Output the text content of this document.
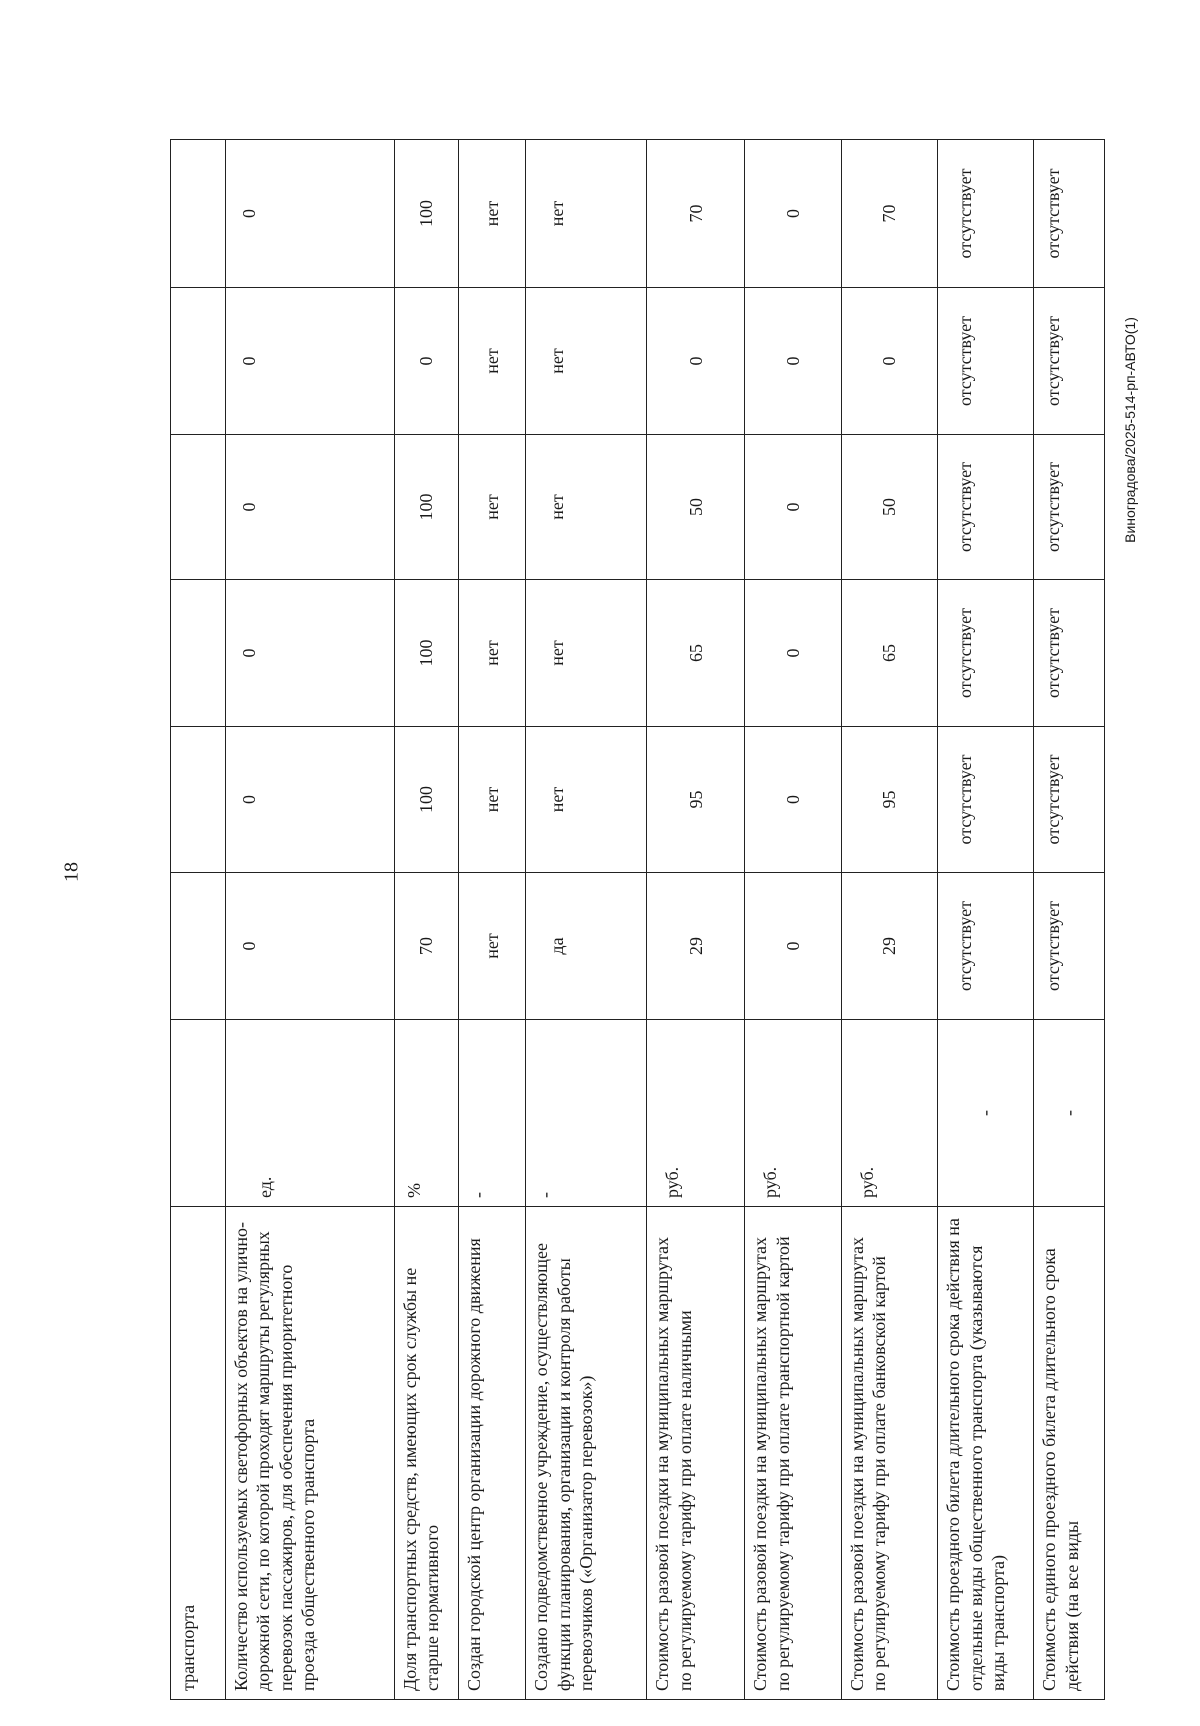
18
транспорта							
Количество используемых светофорных объектов на улично-дорожной сети, по которой проходят маршруты регулярных перевозок пассажиров, для обеспечения приоритетного проезда общественного транспорта	ед.	0	0	0	0	0	0
Доля транспортных средств, имеющих срок службы не старше нормативного	%	70	100	100	100	0	100
Создан городской центр организации дорожного движения	-	нет	нет	нет	нет	нет	нет
Создано подведомственное учреждение, осуществляющее функции планирования, организации и контроля работы перевозчиков («Организатор перевозок»)	-	да	нет	нет	нет	нет	нет
Стоимость разовой поездки на муниципальных маршрутах по регулируемому тарифу при оплате наличными	руб.	29	95	65	50	0	70
Стоимость разовой поездки на муниципальных маршрутах по регулируемому тарифу при оплате транспортной картой	руб.	0	0	0	0	0	0
Стоимость разовой поездки на муниципальных маршрутах по регулируемому тарифу при оплате банковской картой	руб.	29	95	65	50	0	70
Стоимость проездного билета длительного срока действия на отдельные виды общественного транспорта (указываются виды транспорта)	-	отсутствует	отсутствует	отсутствует	отсутствует	отсутствует	отсутствует
Стоимость единого проездного билета длительного срока действия (на все виды	-	отсутствует	отсутствует	отсутствует	отсутствует	отсутствует	отсутствует
Виноградова/2025-514-рп-АВТО(1)
